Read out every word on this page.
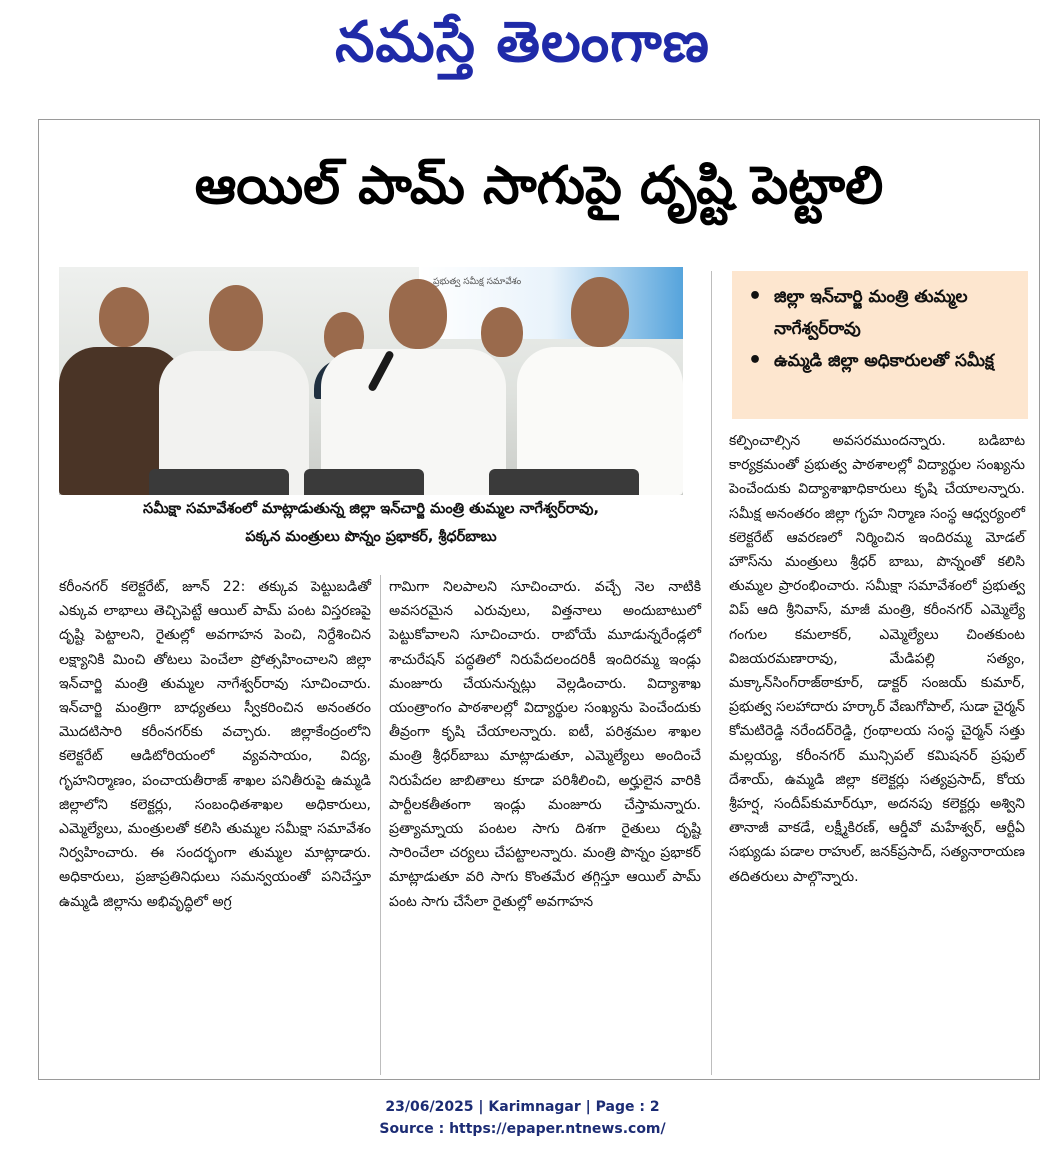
నమస్తే తెలంగాణ
ఆయిల్ పామ్ సాగుపై దృష్టి పెట్టాలి
ప్రభుత్వ సమీక్ష సమావేశం
సమీక్షా సమావేశంలో మాట్లాడుతున్న జిల్లా ఇన్‌చార్జి మంత్రి తుమ్మల నాగేశ్వర్‌రావు,
పక్కన మంత్రులు పొన్నం ప్రభాకర్, శ్రీధర్‌బాబు
• జిల్లా ఇన్‌చార్జి మంత్రి తుమ్మల నాగేశ్వర్‌రావు
• ఉమ్మడి జిల్లా అధికారులతో సమీక్ష

కరీంనగర్ కలెక్టరేట్, జూన్ 22: తక్కువ పెట్టుబడితో ఎక్కువ లాభాలు తెచ్చిపెట్టే ఆయిల్ పామ్ పంట విస్తరణపై దృష్టి పెట్టాలని, రైతుల్లో అవగాహన పెంచి, నిర్దేశించిన లక్ష్యానికి మించి తోటలు పెంచేలా ప్రోత్సహించాలని జిల్లా ఇన్‌చార్జి మంత్రి తుమ్మల నాగేశ్వర్‌రావు సూచించారు. ఇన్‌చార్జి మంత్రిగా బాధ్యతలు స్వీకరించిన అనంతరం మొదటిసారి కరీంనగర్‌కు వచ్చారు. జిల్లాకేంద్రంలోని కలెక్టరేట్ ఆడిటోరియంలో వ్యవసాయం, విద్య, గృహనిర్మాణం, పంచాయతీరాజ్ శాఖల పనితీరుపై ఉమ్మడి జిల్లాలోని కలెక్టర్లు, సంబంధితశాఖల అధికారులు, ఎమ్మెల్యేలు, మంత్రులతో కలిసి తుమ్మల సమీక్షా సమావేశం నిర్వహించారు. ఈ సందర్భంగా తుమ్మల మాట్లాడారు. అధికారులు, ప్రజాప్రతినిధులు సమన్వయంతో పనిచేస్తూ ఉమ్మడి జిల్లాను అభివృద్ధిలో అగ్ర

గామిగా నిలపాలని సూచించారు. వచ్చే నెల నాటికి అవసరమైన ఎరువులు, విత్తనాలు అందుబాటులో పెట్టుకోవాలని సూచించారు. రాబోయే మూడున్నరేండ్లలో శాచురేషన్ పద్ధతిలో నిరుపేదలందరికీ ఇందిరమ్మ ఇండ్లు మంజూరు చేయనున్నట్లు వెల్లడించారు. విద్యాశాఖ యంత్రాంగం పాఠశాలల్లో విద్యార్థుల సంఖ్యను పెంచేందుకు తీవ్రంగా కృషి చేయాలన్నారు. ఐటీ, పరిశ్రమల శాఖల మంత్రి శ్రీధర్‌బాబు మాట్లాడుతూ, ఎమ్మెల్యేలు అందించే నిరుపేదల జాబితాలు కూడా పరిశీలించి, అర్హులైన వారికి పార్టీలకతీతంగా ఇండ్లు మంజూరు చేస్తామన్నారు. ప్రత్యామ్నాయ పంటల సాగు దిశగా రైతులు దృష్టి సారించేలా చర్యలు చేపట్టాలన్నారు. మంత్రి పొన్నం ప్రభాకర్ మాట్లాడుతూ వరి సాగు కొంతమేర తగ్గిస్తూ ఆయిల్ పామ్ పంట సాగు చేసేలా రైతుల్లో అవగాహన

కల్పించాల్సిన అవసరముందన్నారు. బడిబాట కార్యక్రమంతో ప్రభుత్వ పాఠశాలల్లో విద్యార్థుల సంఖ్యను పెంచేందుకు విద్యాశాఖాధికారులు కృషి చేయాలన్నారు. సమీక్ష అనంతరం జిల్లా గృహ నిర్మాణ సంస్థ ఆధ్వర్యంలో కలెక్టరేట్ ఆవరణలో నిర్మించిన ఇందిరమ్మ మోడల్ హౌస్‌ను మంత్రులు శ్రీధర్ బాబు, పొన్నంతో కలిసి తుమ్మల ప్రారంభించారు. సమీక్షా సమావేశంలో ప్రభుత్వ విప్ ఆది శ్రీనివాస్, మాజీ మంత్రి, కరీంనగర్ ఎమ్మెల్యే గంగుల కమలాకర్, ఎమ్మెల్యేలు చింతకుంట విజయరమణారావు, మేడిపల్లి సత్యం, మక్కాన్‌సింగ్‌రాజ్‌ఠాకూర్, డాక్టర్ సంజయ్ కుమార్, ప్రభుత్వ సలహాదారు హర్కార్ వేణుగోపాల్, సుడా చైర్మన్ కోమటిరెడ్డి నరేందర్‌రెడ్డి, గ్రంథాలయ సంస్థ చైర్మన్ సత్తు మల్లయ్య, కరీంనగర్ మున్సిపల్ కమిషనర్ ప్రఫుల్ దేశాయ్, ఉమ్మడి జిల్లా కలెక్టర్లు సత్యప్రసాద్, కోయ శ్రీహర్ష, సందీప్‌కుమార్‌ఝా, అదనపు కలెక్టర్లు అశ్విని తానాజీ వాకడే, లక్ష్మీకిరణ్, ఆర్డీవో మహేశ్వర్, ఆర్టీఏ సభ్యుడు పడాల రాహుల్, జనక్‌ప్రసాద్, సత్యనారాయణ తదితరులు పాల్గొన్నారు.

23/06/2025 | Karimnagar | Page : 2
Source : https://epaper.ntnews.com/
